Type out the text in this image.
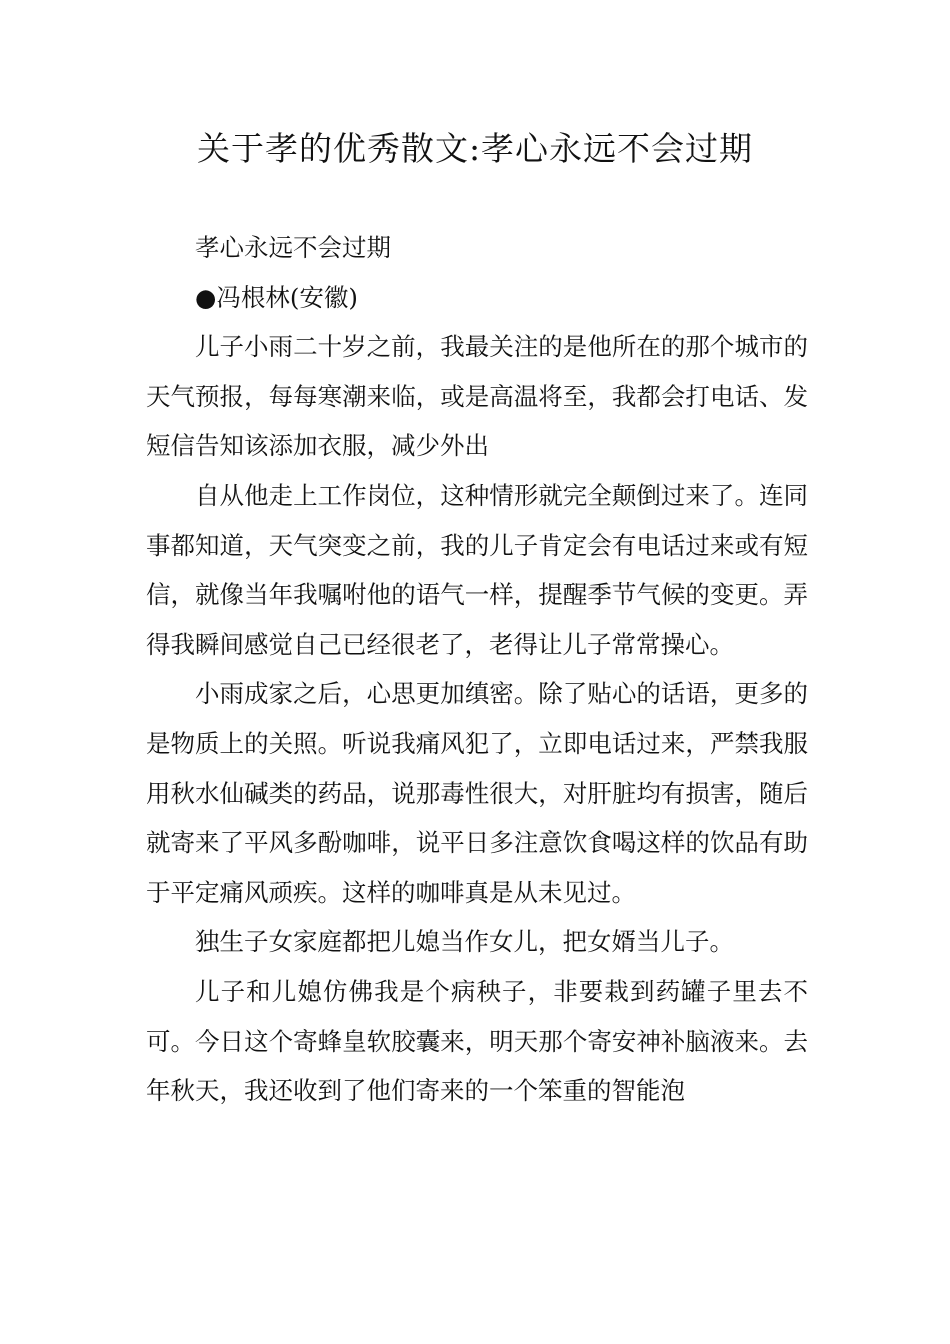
关于孝的优秀散文:孝心永远不会过期

孝心永远不会过期

●冯根林(安徽)

儿子小雨二十岁之前，我最关注的是他所在的那个城市的天气预报，每每寒潮来临，或是高温将至，我都会打电话、发短信告知该添加衣服，减少外出

自从他走上工作岗位，这种情形就完全颠倒过来了。连同事都知道，天气突变之前，我的儿子肯定会有电话过来或有短信，就像当年我嘱咐他的语气一样，提醒季节气候的变更。弄得我瞬间感觉自己已经很老了，老得让儿子常常操心。

小雨成家之后，心思更加缜密。除了贴心的话语，更多的是物质上的关照。听说我痛风犯了，立即电话过来，严禁我服用秋水仙碱类的药品，说那毒性很大，对肝脏均有损害，随后就寄来了平风多酚咖啡，说平日多注意饮食喝这样的饮品有助于平定痛风顽疾。这样的咖啡真是从未见过。

独生子女家庭都把儿媳当作女儿，把女婿当儿子。

儿子和儿媳仿佛我是个病秧子，非要栽到药罐子里去不可。今日这个寄蜂皇软胶囊来，明天那个寄安神补脑液来。去年秋天，我还收到了他们寄来的一个笨重的智能泡
